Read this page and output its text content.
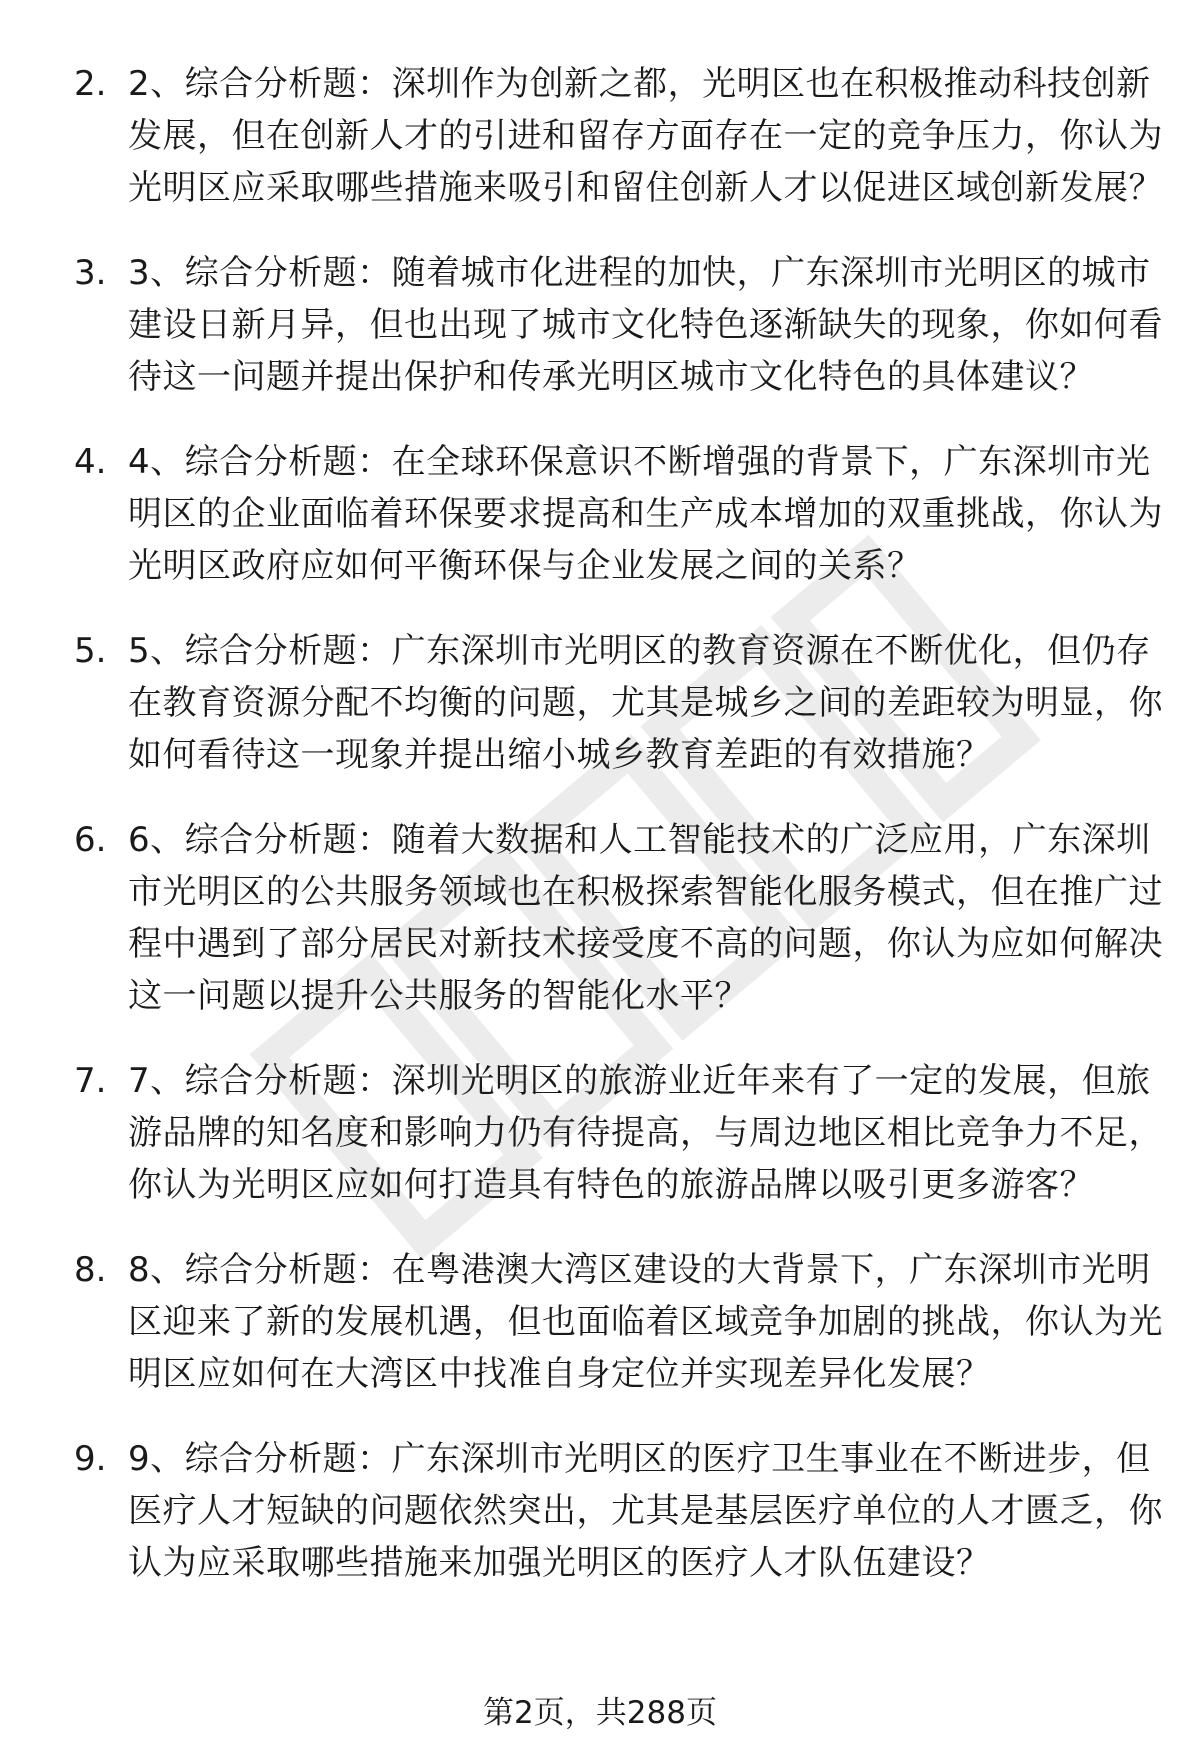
2. 2、综合分析题：深圳作为创新之都，光明区也在积极推动科技创新发展，但在创新人才的引进和留存方面存在一定的竞争压力，你认为光明区应采取哪些措施来吸引和留住创新人才以促进区域创新发展？
3. 3、综合分析题：随着城市化进程的加快，广东深圳市光明区的城市建设日新月异，但也出现了城市文化特色逐渐缺失的现象，你如何看待这一问题并提出保护和传承光明区城市文化特色的具体建议？
4. 4、综合分析题：在全球环保意识不断增强的背景下，广东深圳市光明区的企业面临着环保要求提高和生产成本增加的双重挑战，你认为光明区政府应如何平衡环保与企业发展之间的关系？
5. 5、综合分析题：广东深圳市光明区的教育资源在不断优化，但仍存在教育资源分配不均衡的问题，尤其是城乡之间的差距较为明显，你如何看待这一现象并提出缩小城乡教育差距的有效措施？
6. 6、综合分析题：随着大数据和人工智能技术的广泛应用，广东深圳市光明区的公共服务领域也在积极探索智能化服务模式，但在推广过程中遇到了部分居民对新技术接受度不高的问题，你认为应如何解决这一问题以提升公共服务的智能化水平？
7. 7、综合分析题：深圳光明区的旅游业近年来有了一定的发展，但旅游品牌的知名度和影响力仍有待提高，与周边地区相比竞争力不足，你认为光明区应如何打造具有特色的旅游品牌以吸引更多游客？
8. 8、综合分析题：在粤港澳大湾区建设的大背景下，广东深圳市光明区迎来了新的发展机遇，但也面临着区域竞争加剧的挑战，你认为光明区应如何在大湾区中找准自身定位并实现差异化发展？
9. 9、综合分析题：广东深圳市光明区的医疗卫生事业在不断进步，但医疗人才短缺的问题依然突出，尤其是基层医疗单位的人才匮乏，你认为应采取哪些措施来加强光明区的医疗人才队伍建设？
第2页，共288页
